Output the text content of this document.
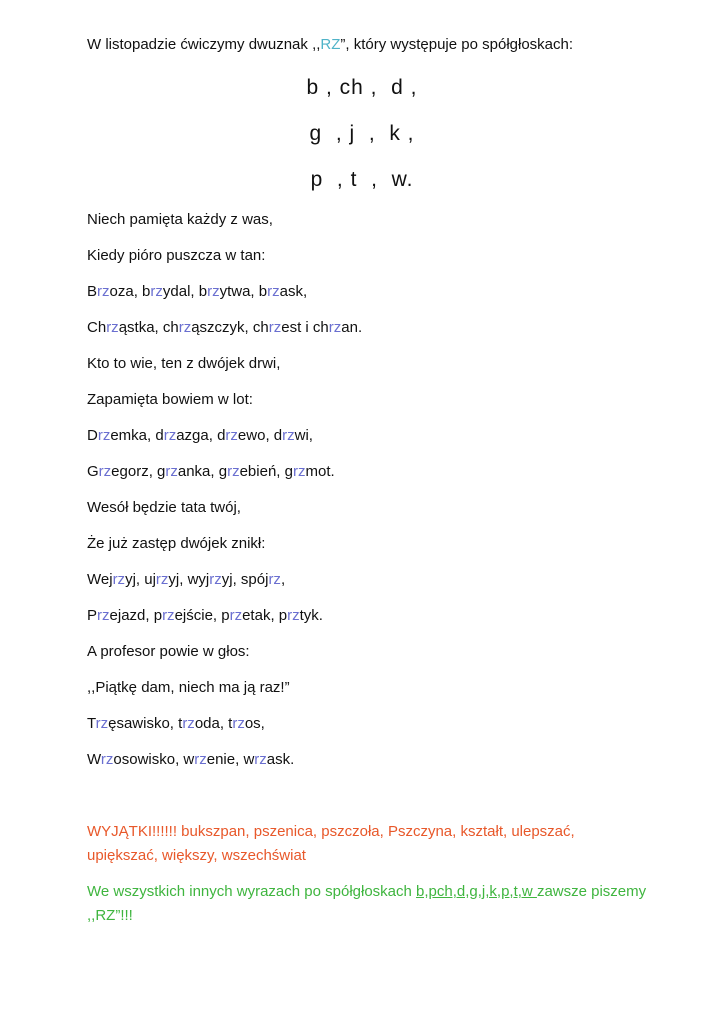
W listopadzie ćwiczymy dwuznak ,,RZ”, który występuje po spółgłoskach:
b , ch ,  d ,
g  , j  ,  k ,
p  , t  ,  w.
Niech pamięta każdy z was,
Kiedy pióro puszcza w tan:
Brzoza, brzydal, brzytwa, brzask,
Chrząstka, chrząszczyk, chrzest i chrzan.
Kto to wie, ten z dwójek drwi,
Zapamięta bowiem w lot:
Drzemka, drzazga, drzewo, drzwi,
Grzegorz, grzanka, grzebień, grzmot.
Wesół będzie tata twój,
Że już zastęp dwójek znikł:
Wejrzyj, ujrzyj, wyjrzyj, spójrz,
Przejazd, przejście, przetak, prztyk.
A profesor powie w głos:
,,Piątkę dam, niech ma ją raz!”
Trzęsawisko, trzoda, trzos,
Wrzosowisko, wrzenie, wrzask.
WYJĄTKI!!!!!! bukszpan, pszenica, pszczoła, Pszczyna, kształt, ulepszać, upiększać, większy, wszechświat
We wszystkich innych wyrazach po spółgłoskach b,pch,d,g,j,k,p,t,w zawsze piszemy ,,RZ”!!!
